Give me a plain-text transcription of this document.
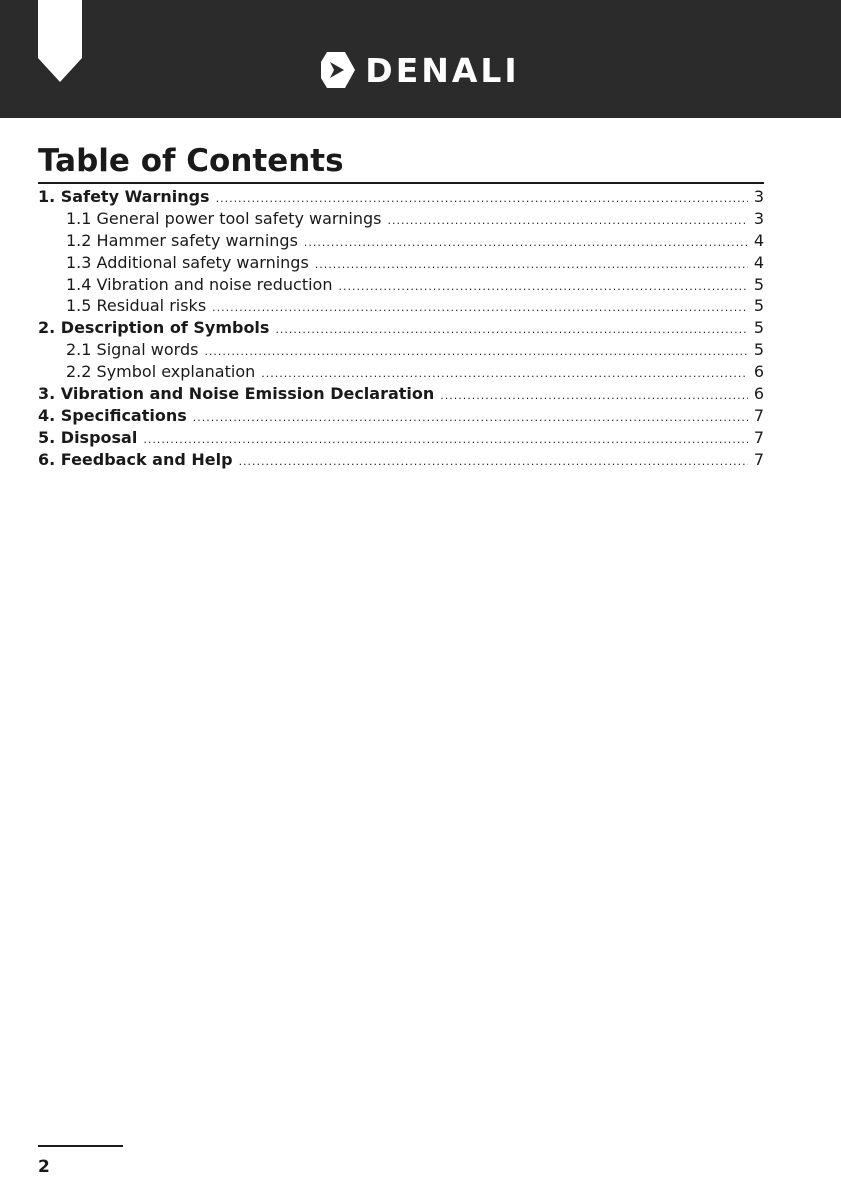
DENALI
Table of Contents
1. Safety Warnings .....	3
1.1 General power tool safety warnings .....	3
1.2 Hammer safety warnings .....	4
1.3 Additional safety warnings .....	4
1.4 Vibration and noise reduction .....	5
1.5 Residual risks .....	5
2. Description of Symbols .....	5
2.1 Signal words .....	5
2.2 Symbol explanation .....	6
3. Vibration and Noise Emission Declaration .....	6
4. Specifications .....	7
5. Disposal .....	7
6. Feedback and Help .....	7
2
